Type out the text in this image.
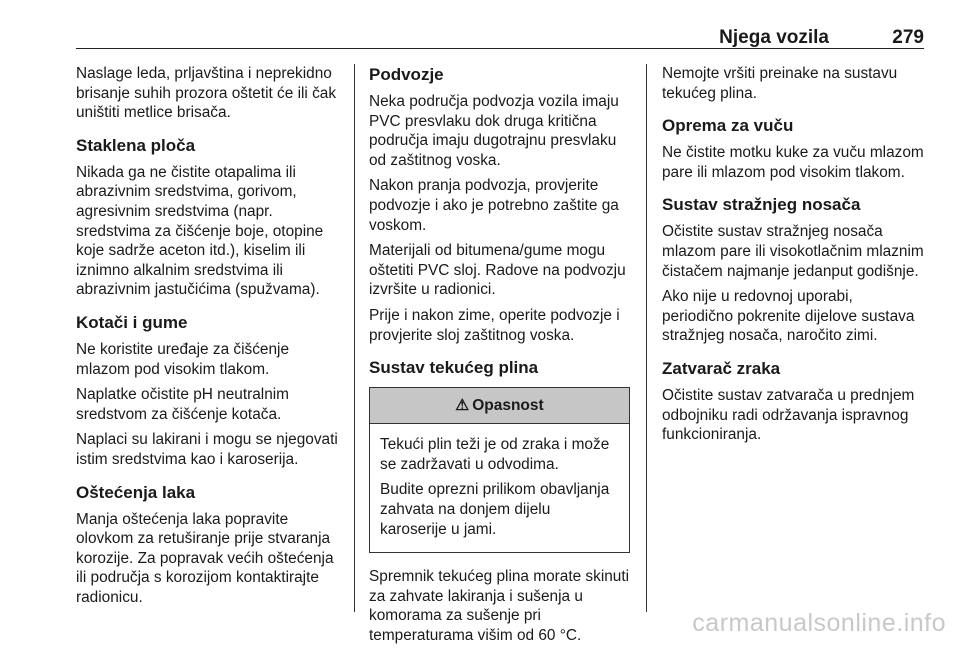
Njega vozila	279

Naslage leda, prljavština i neprekidno brisanje suhih prozora oštetit će ili čak uništiti metlice brisača.

Staklena ploča

Nikada ga ne čistite otapalima ili abrazivnim sredstvima, gorivom, agresivnim sredstvima (napr. sredstvima za čišćenje boje, otopine koje sadrže aceton itd.), kiselim ili iznimno alkalnim sredstvima ili abrazivnim jastučićima (spužvama).

Kotači i gume

Ne koristite uređaje za čišćenje mlazom pod visokim tlakom.

Naplatke očistite pH neutralnim sredstvom za čišćenje kotača.

Naplaci su lakirani i mogu se njegovati istim sredstvima kao i karoserija.

Oštećenja laka

Manja oštećenja laka popravite olovkom za retuširanje prije stvaranja korozije. Za popravak većih oštećenja ili područja s korozijom kontaktirajte radionicu.

Podvozje

Neka područja podvozja vozila imaju PVC presvlaku dok druga kritična područja imaju dugotrajnu presvlaku od zaštitnog voska.

Nakon pranja podvozja, provjerite podvozje i ako je potrebno zaštite ga voskom.

Materijali od bitumena/gume mogu oštetiti PVC sloj. Radove na podvozju izvršite u radionici.

Prije i nakon zime, operite podvozje i provjerite sloj zaštitnog voska.

Sustav tekućeg plina
⚠ Opasnost

Tekući plin teži je od zraka i može se zadržavati u odvodima.

Budite oprezni prilikom obavljanja zahvata na donjem dijelu karoserije u jami.

Spremnik tekućeg plina morate skinuti za zahvate lakiranja i sušenja u komorama za sušenje pri temperaturama višim od 60 °C.

Nemojte vršiti preinake na sustavu tekućeg plina.

Oprema za vuču

Ne čistite motku kuke za vuču mlazom pare ili mlazom pod visokim tlakom.

Sustav stražnjeg nosača

Očistite sustav stražnjeg nosača mlazom pare ili visokotlačnim mlaznim čistačem najmanje jedanput godišnje.

Ako nije u redovnoj uporabi, periodično pokrenite dijelove sustava stražnjeg nosača, naročito zimi.

Zatvarač zraka

Očistite sustav zatvarača u prednjem odbojniku radi održavanja ispravnog funkcioniranja.

carmanualsonline.info
